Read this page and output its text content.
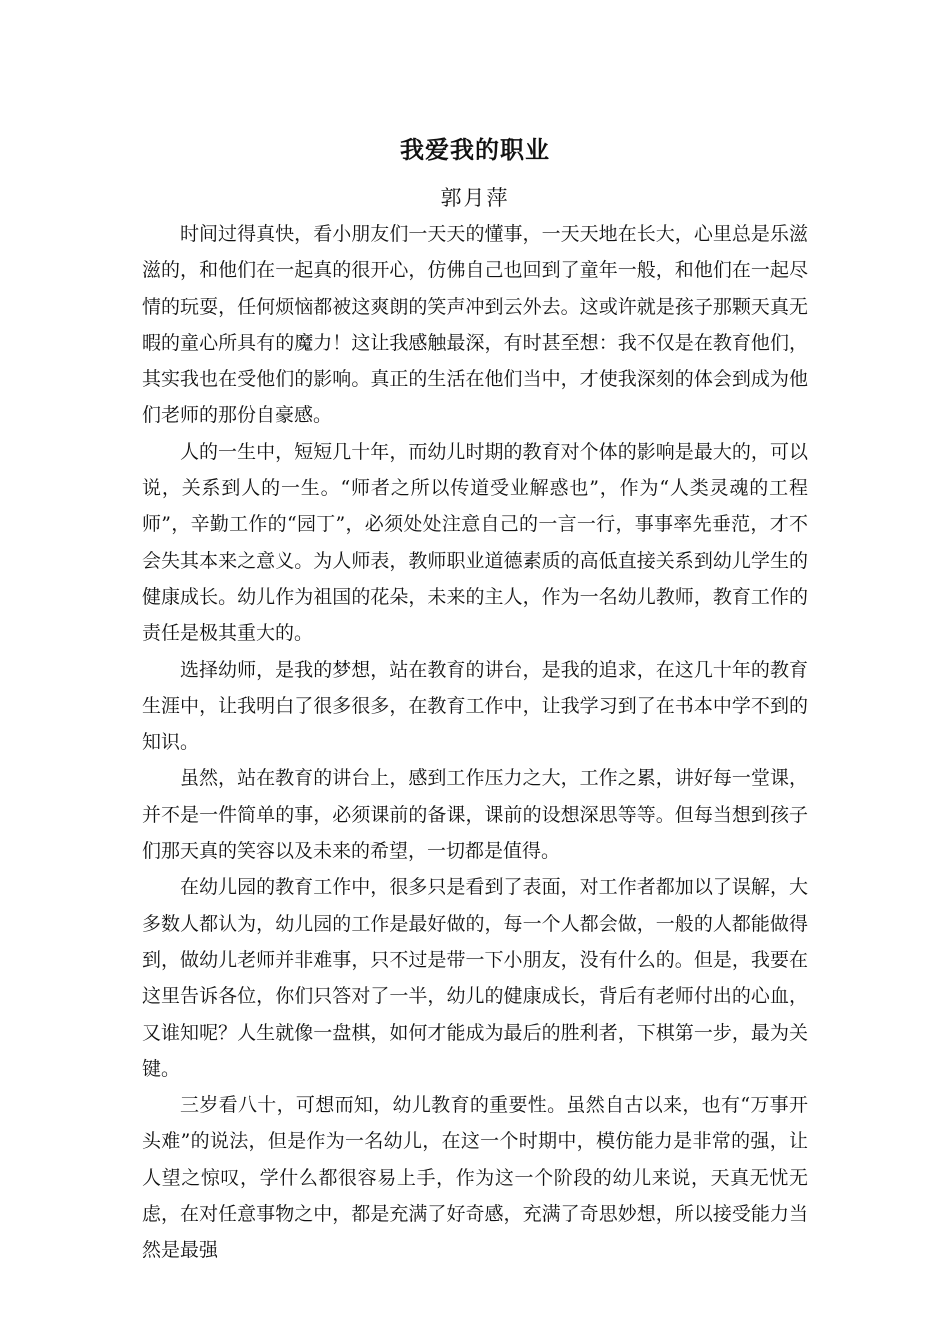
我爱我的职业
郭月萍

时间过得真快，看小朋友们一天天的懂事，一天天地在长大，心里总是乐滋滋的，和他们在一起真的很开心，仿佛自己也回到了童年一般，和他们在一起尽情的玩耍，任何烦恼都被这爽朗的笑声冲到云外去。这或许就是孩子那颗天真无暇的童心所具有的魔力！这让我感触最深，有时甚至想：我不仅是在教育他们，其实我也在受他们的影响。真正的生活在他们当中，才使我深刻的体会到成为他们老师的那份自豪感。

人的一生中，短短几十年，而幼儿时期的教育对个体的影响是最大的，可以说，关系到人的一生。“师者之所以传道受业解惑也”，作为“人类灵魂的工程师”，辛勤工作的“园丁”，必须处处注意自己的一言一行，事事率先垂范，才不会失其本来之意义。为人师表，教师职业道德素质的高低直接关系到幼儿学生的健康成长。幼儿作为祖国的花朵，未来的主人，作为一名幼儿教师，教育工作的责任是极其重大的。

选择幼师，是我的梦想，站在教育的讲台，是我的追求，在这几十年的教育生涯中，让我明白了很多很多，在教育工作中，让我学习到了在书本中学不到的知识。

虽然，站在教育的讲台上，感到工作压力之大，工作之累，讲好每一堂课，并不是一件简单的事，必须课前的备课，课前的设想深思等等。但每当想到孩子们那天真的笑容以及未来的希望，一切都是值得。

在幼儿园的教育工作中，很多只是看到了表面，对工作者都加以了误解，大多数人都认为，幼儿园的工作是最好做的，每一个人都会做，一般的人都能做得到，做幼儿老师并非难事，只不过是带一下小朋友，没有什么的。但是，我要在这里告诉各位，你们只答对了一半，幼儿的健康成长，背后有老师付出的心血，又谁知呢？人生就像一盘棋，如何才能成为最后的胜利者，下棋第一步，最为关键。

三岁看八十，可想而知，幼儿教育的重要性。虽然自古以来，也有“万事开头难”的说法，但是作为一名幼儿，在这一个时期中，模仿能力是非常的强，让人望之惊叹，学什么都很容易上手，作为这一个阶段的幼儿来说，天真无忧无虑，在对任意事物之中，都是充满了好奇感，充满了奇思妙想，所以接受能力当然是最强
